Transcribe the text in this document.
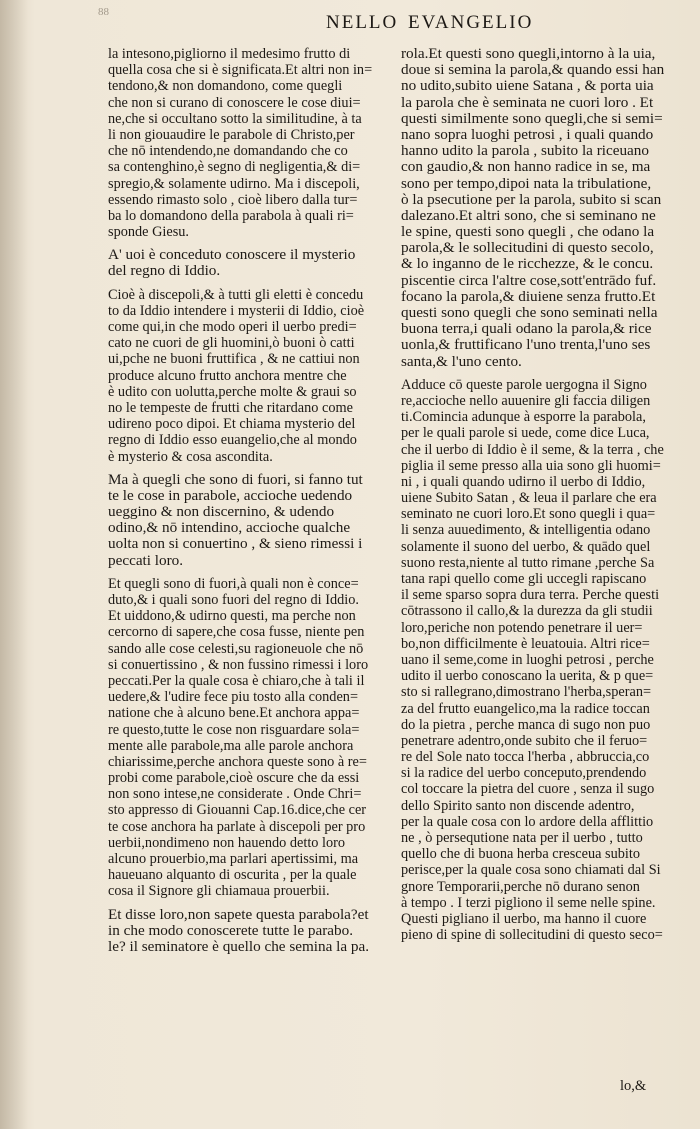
88	NELLO EVANGELIO
la intesono,pigliorno il medesimo frutto di
quella cosa che si è significata.Et altri non in=
tendono,& non domandono, come quegli
che non si curano di conoscere le cose diui=
ne,che si occultano sotto la similitudine, à ta
li non giouaudire le parabole di Christo,per
che nō intendendo,ne domandando che co
sa contenghino,è segno di negligentia,& di=
spregio,& solamente udirno. Ma i discepoli,
essendo rimasto solo , cioè libero dalla tur=
ba lo domandono della parabola à quali ri=
sponde Giesu.
A' uoi è conceduto conoscere il mysterio
del regno di Iddio.
Cioè à discepoli,& à tutti gli eletti è concedu
to da Iddio intendere i mysterii di Iddio, cioè
come qui,in che modo operi il uerbo predi=
cato ne cuori de gli huomini,ò buoni ò catti
ui,pche ne buoni fruttifica , & ne cattiui non
produce alcuno frutto anchora mentre che
è udito con uolutta,perche molte & graui so
no le tempeste de frutti che ritardano come
udireno poco dipoi. Et chiama mysterio del
regno di Iddio esso euangelio,che al mondo
è mysterio & cosa ascondita.
Ma à quegli che sono di fuori, si fanno tut
te le cose in parabole, accioche uedendo
ueggino & non discernino, & udendo
odino,& nō intendino, accioche qualche
uolta non si conuertino , & sieno rimessi i
peccati loro.
Et quegli sono di fuori,à quali non è conce=
duto,& i quali sono fuori del regno di Iddio.
Et uiddono,& udirno questi, ma perche non
cercorno di sapere,che cosa fusse, niente pen
sando alle cose celesti,su ragioneuole che nō
si conuertissino , & non fussino rimessi i loro
peccati.Per la quale cosa è chiaro,che à tali il
uedere,& l'udire fece piu tosto alla conden=
natione che à alcuno bene.Et anchora appa=
re questo,tutte le cose non risguardare sola=
mente alle parabole,ma alle parole anchora
chiarissime,perche anchora queste sono à re=
probi come parabole,cioè oscure che da essi
non sono intese,ne considerate . Onde Chri=
sto appresso di Giouanni Cap.16.dice,che cer
te cose anchora ha parlate à discepoli per pro
uerbii,nondimeno non hauendo detto loro
alcuno prouerbio,ma parlari apertissimi, ma
haueuano alquanto di oscurita , per la quale
cosa il Signore gli chiamaua prouerbii.
Et disse loro,non sapete questa parabola?et
in che modo conoscerete tutte le parabo.
le? il seminatore è quello che semina la pa.
rola.Et questi sono quegli,intorno à la uia,
doue si semina la parola,& quando essi han
no udito,subito uiene Satana , & porta uia
la parola che è seminata ne cuori loro . Et
questi similmente sono quegli,che si semi=
nano sopra luoghi petrosi , i quali quando
hanno udito la parola , subito la riceuano
con gaudio,& non hanno radice in se, ma
sono per tempo,dipoi nata la tribulatione,
ò la psecutione per la parola, subito si scan
dalezano.Et altri sono, che si seminano ne
le spine, questi sono quegli , che odano la
parola,& le sollecitudini di questo secolo,
& lo inganno de le ricchezze, & le concu.
piscentie circa l'altre cose,sott'entrādo fuf.
focano la parola,& diuiene senza frutto.Et
questi sono quegli che sono seminati nella
buona terra,i quali odano la parola,& rice
uonla,& fruttificano l'uno trenta,l'uno ses
santa,& l'uno cento.
Adduce cō queste parole uergogna il Signo
re,accioche nello auuenire gli faccia diligen
ti.Comincia adunque à esporre la parabola,
per le quali parole si uede, come dice Luca,
che il uerbo di Iddio è il seme, & la terra , che
piglia il seme presso alla uia sono gli huomi=
ni , i quali quando udirno il uerbo di Iddio,
uiene Subito Satan , & leua il parlare che era
seminato ne cuori loro.Et sono quegli i qua=
li senza auuedimento, & intelligentia odano
solamente il suono del uerbo, & quādo quel
suono resta,niente al tutto rimane ,perche Sa
tana rapi quello come gli uccegli rapiscano
il seme sparso sopra dura terra. Perche questi
cōtrassono il callo,& la durezza da gli studii
loro,periche non potendo penetrare il uer=
bo,non difficilmente è leuatouia. Altri rice=
uano il seme,come in luoghi petrosi , perche
udito il uerbo conoscano la uerita, & p que=
sto si rallegrano,dimostrano l'herba,speran=
za del frutto euangelico,ma la radice toccan
do la pietra , perche manca di sugo non puo
penetrare adentro,onde subito che il feruo=
re del Sole nato tocca l'herba , abbruccia,co
si la radice del uerbo conceputo,prendendo
col toccare la pietra del cuore , senza il sugo
dello Spirito santo non discende adentro,
per la quale cosa con lo ardore della afflittio
ne , ò persequtione nata per il uerbo , tutto
quello che di buona herba cresceua subito
perisce,per la quale cosa sono chiamati dal Si
gnore Temporarii,perche nō durano senon
à tempo . I terzi pigliono il seme nelle spine.
Questi pigliano il uerbo, ma hanno il cuore
pieno di spine di sollecitudini di questo seco=
lo,&
